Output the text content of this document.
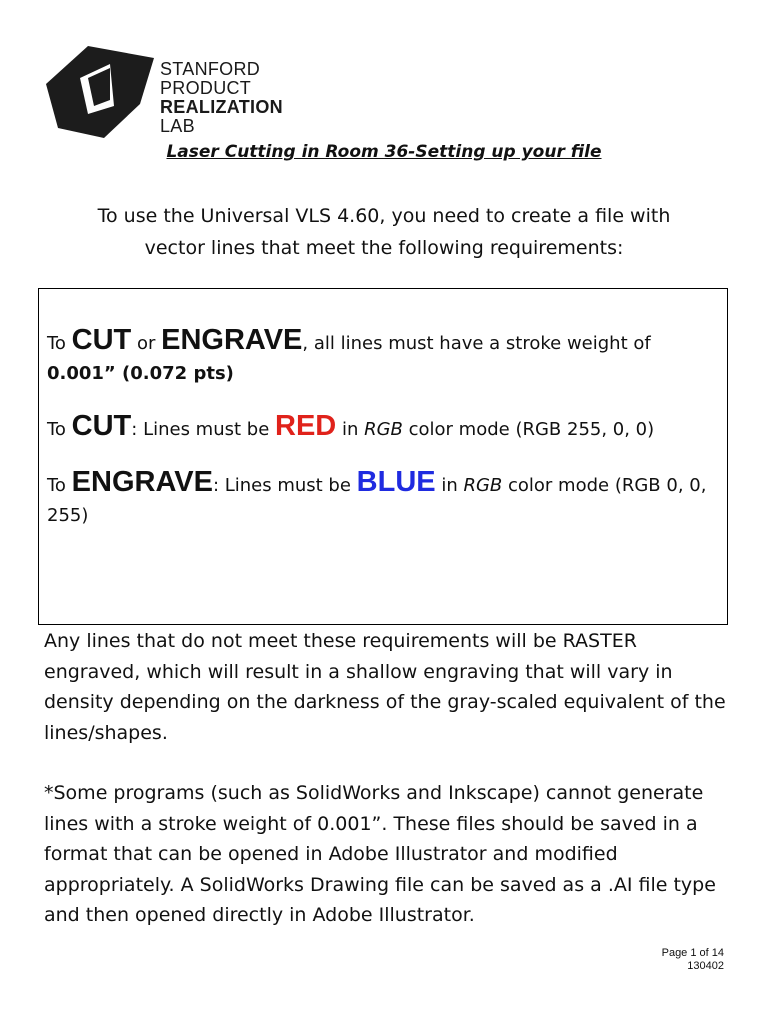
STANFORD
PRODUCT
REALIZATION
LAB
Laser Cutting in Room 36-Setting up your file
To use the Universal VLS 4.60, you need to create a file with
vector lines that meet the following requirements:

To CUT or ENGRAVE, all lines must have a stroke weight of 0.001” (0.072 pts)

To CUT: Lines must be RED in RGB color mode (RGB 255, 0, 0)

To ENGRAVE: Lines must be BLUE in RGB color mode (RGB 0, 0, 255)

Any lines that do not meet these requirements will be RASTER engraved, which will result in a shallow engraving that will vary in density depending on the darkness of the gray-scaled equivalent of the lines/shapes.
*Some programs (such as SolidWorks and Inkscape) cannot generate lines with a stroke weight of 0.001”. These files should be saved in a format that can be opened in Adobe Illustrator and modified appropriately. A SolidWorks Drawing file can be saved as a .AI file type and then opened directly in Adobe Illustrator.
Page 1 of 14
130402
